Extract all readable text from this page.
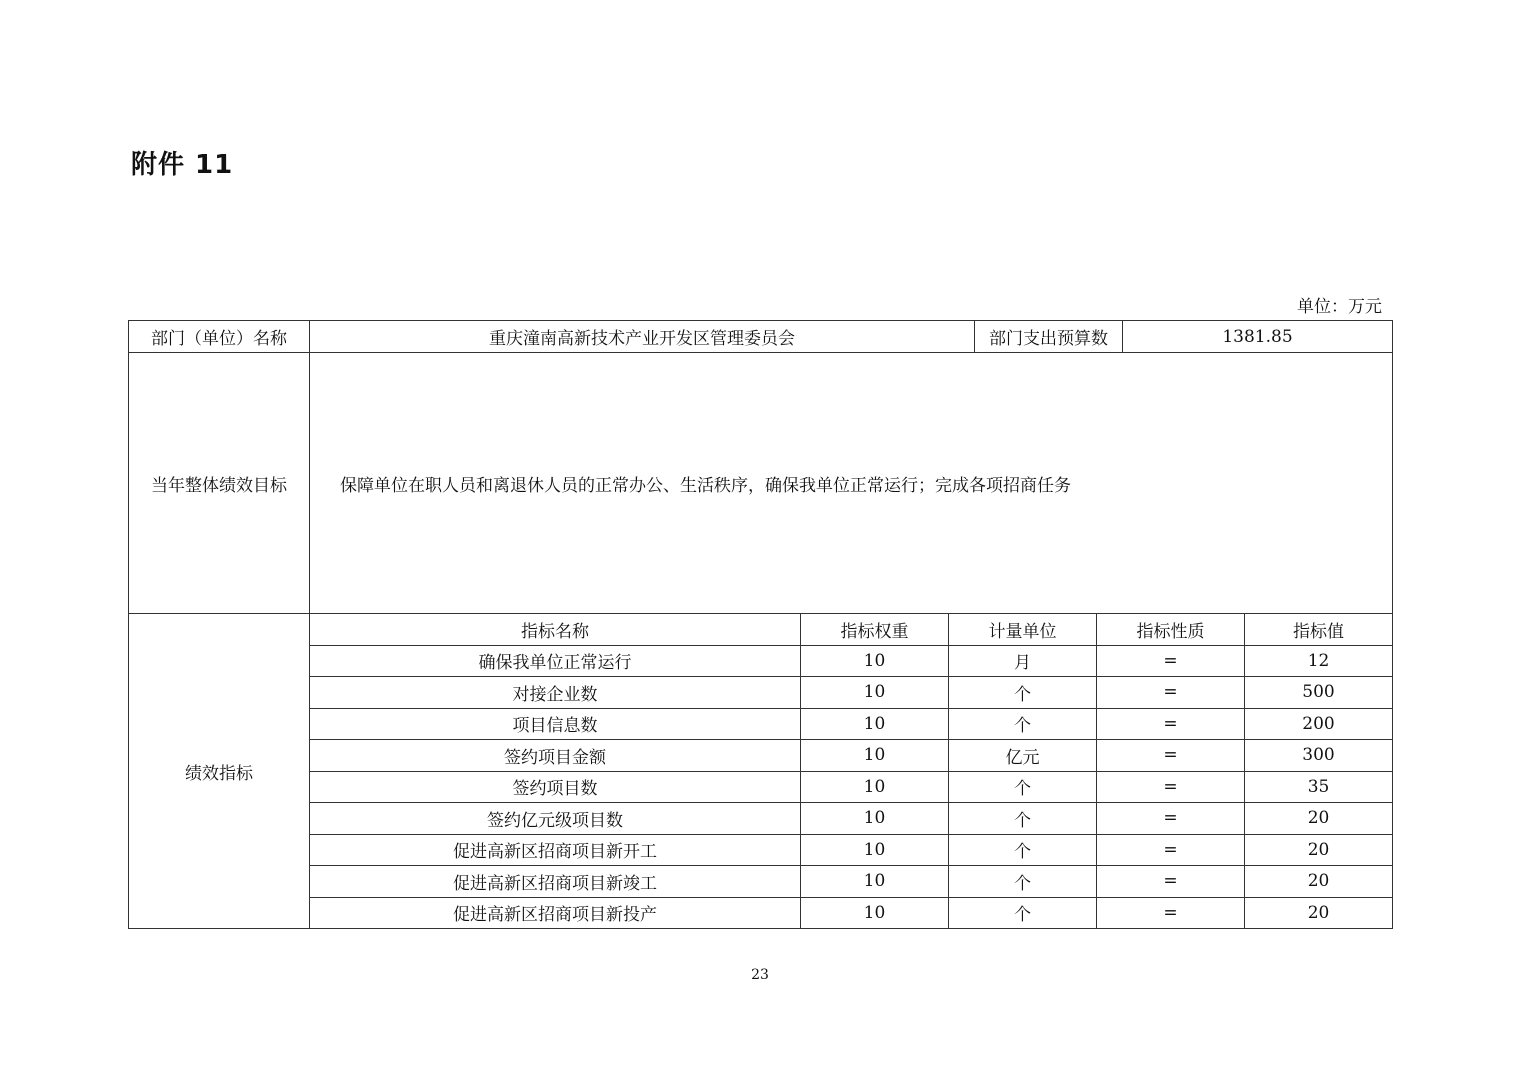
附件 11
单位：万元
部门（单位）名称	重庆潼南高新技术产业开发区管理委员会			部门支出预算数		1381.85	
当年整体绩效目标	保障单位在职人员和离退休人员的正常办公、生活秩序，确保我单位正常运行；完成各项招商任务						
绩效指标	指标名称	指标权重	计量单位		指标性质		指标值
	确保我单位正常运行	10	月		=		12
	对接企业数	10	个		=		500
	项目信息数	10	个		=		200
	签约项目金额	10	亿元		=		300
	签约项目数	10	个		=		35
	签约亿元级项目数	10	个		=		20
	促进高新区招商项目新开工	10	个		=		20
	促进高新区招商项目新竣工	10	个		=		20
	促进高新区招商项目新投产	10	个		=		20
23
